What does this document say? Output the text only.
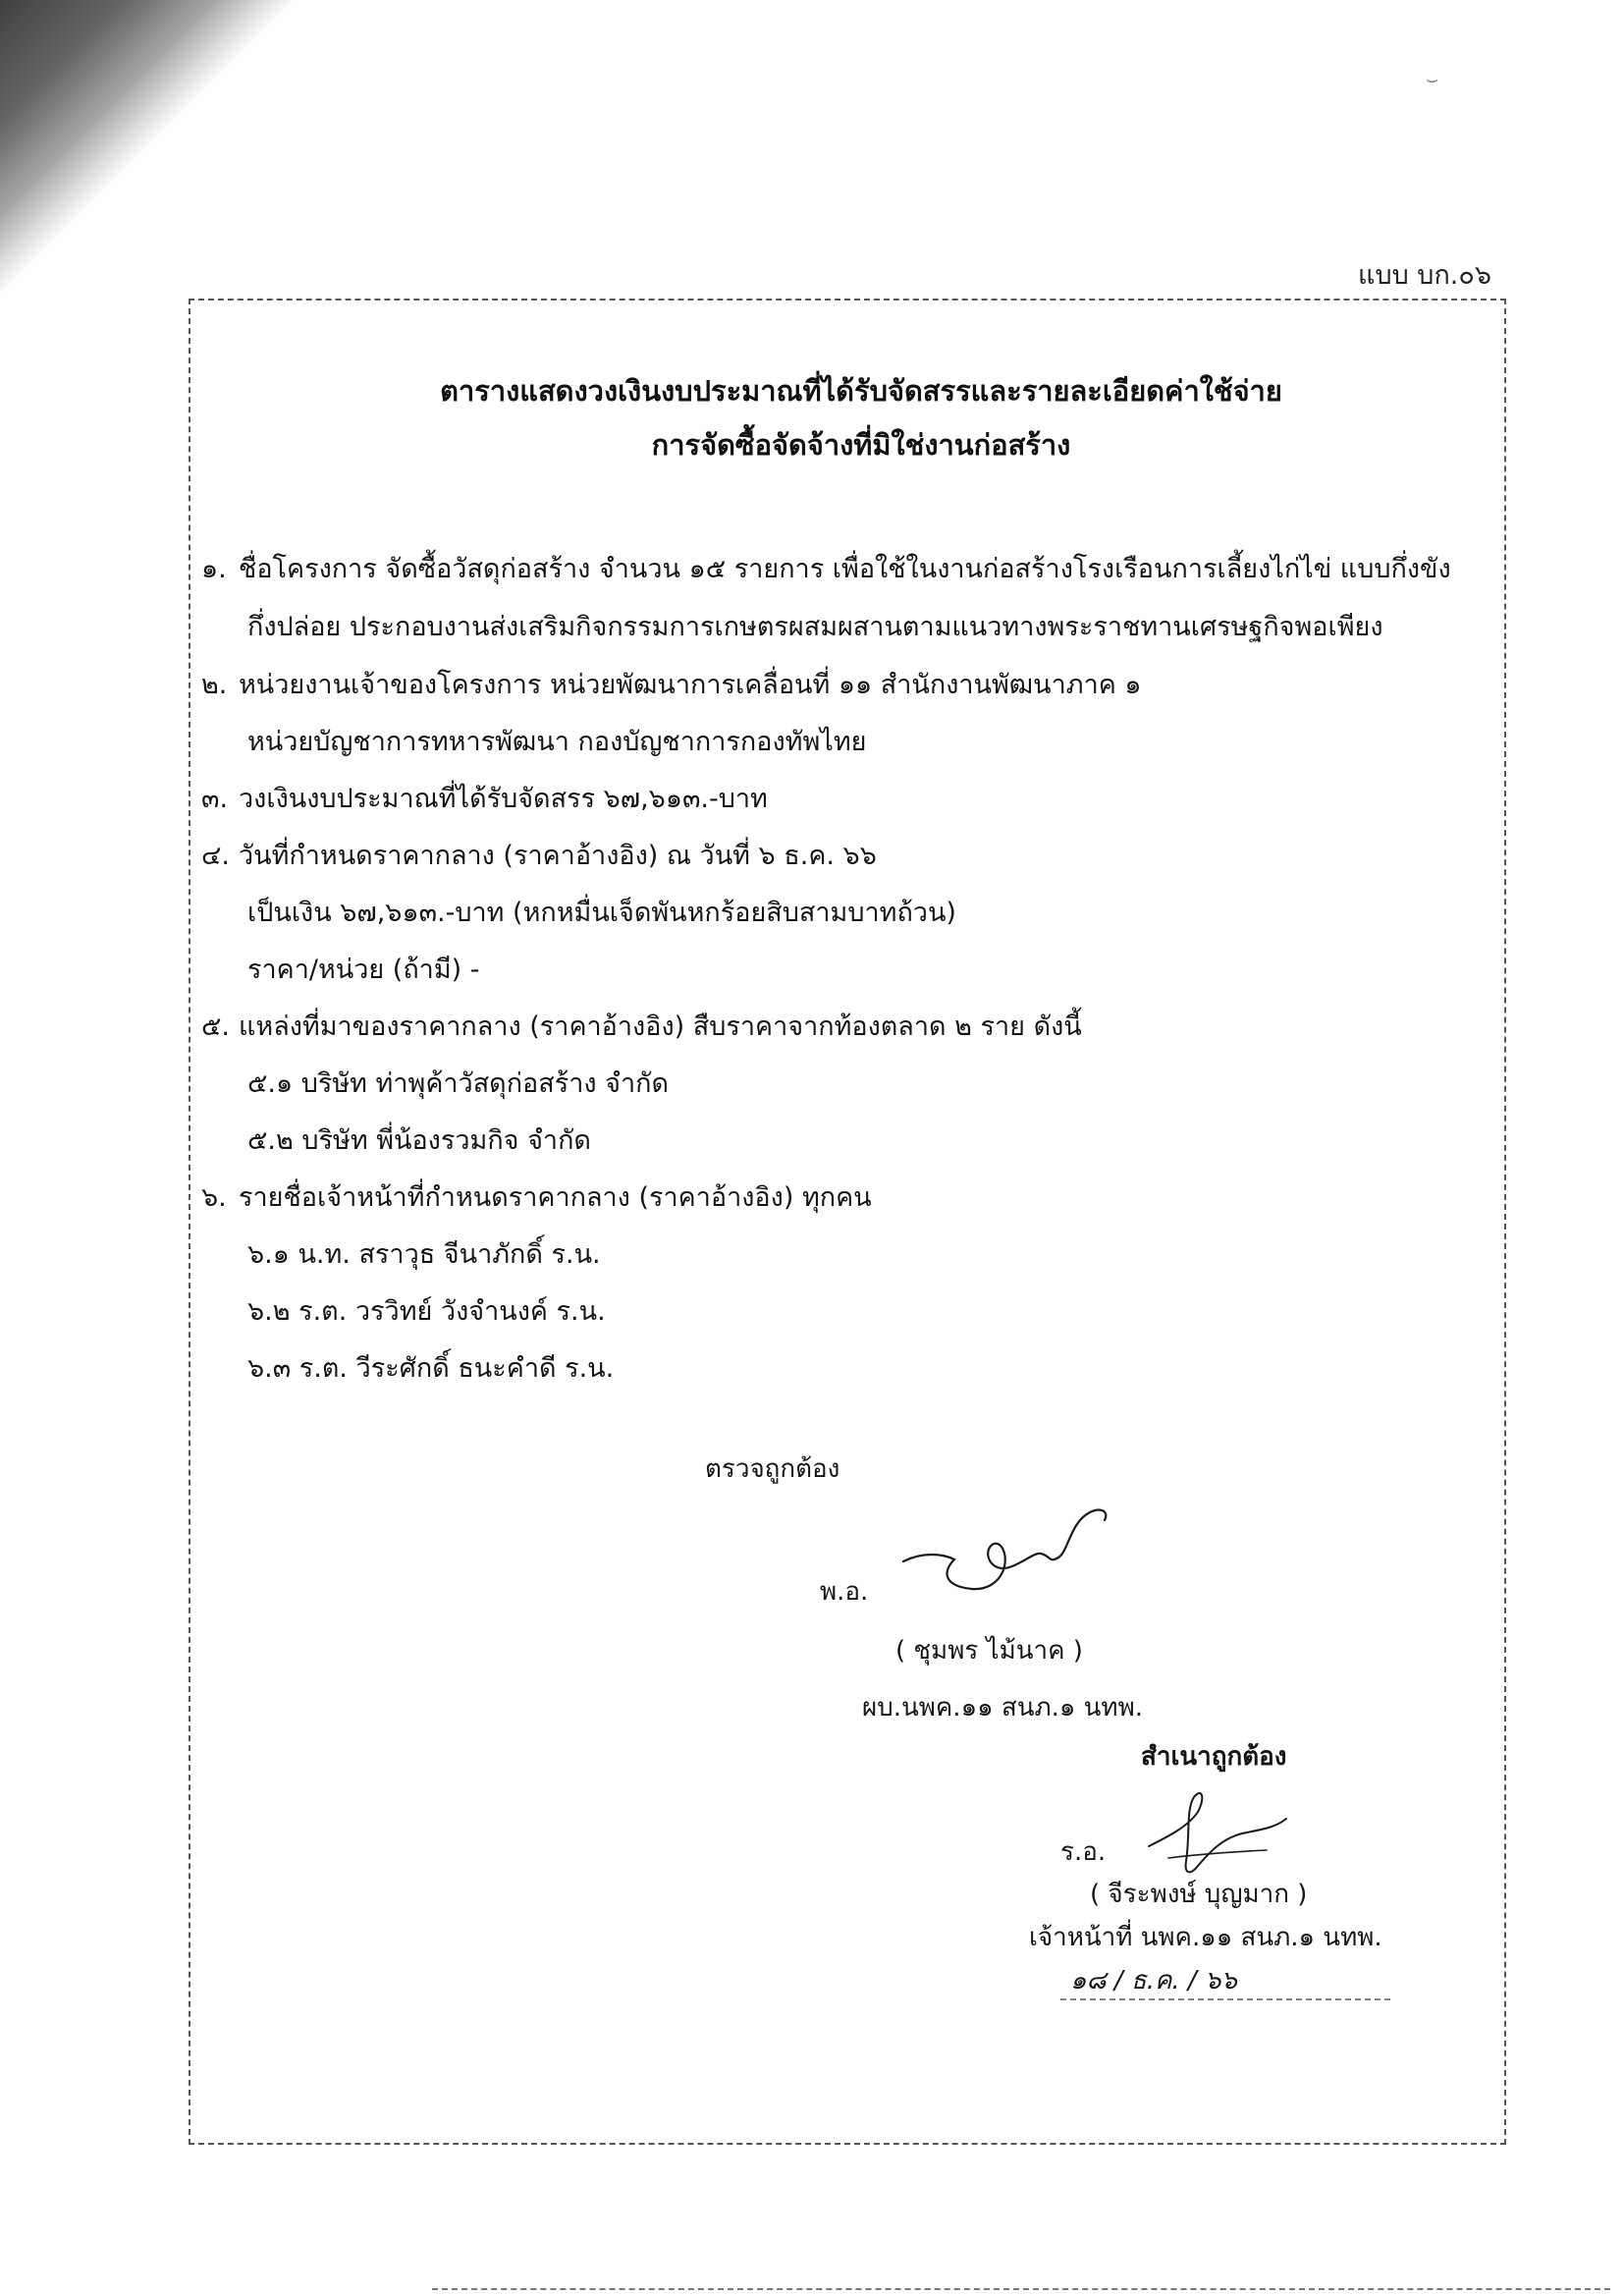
แบบ บก.๐๖
ตารางแสดงวงเงินงบประมาณที่ได้รับจัดสรรและรายละเอียดค่าใช้จ่าย
การจัดซื้อจัดจ้างที่มิใช่งานก่อสร้าง
๑. ชื่อโครงการ จัดซื้อวัสดุก่อสร้าง จำนวน ๑๕ รายการ เพื่อใช้ในงานก่อสร้างโรงเรือนการเลี้ยงไก่ไข่ แบบกึ่งขัง
กึ่งปล่อย ประกอบงานส่งเสริมกิจกรรมการเกษตรผสมผสานตามแนวทางพระราชทานเศรษฐกิจพอเพียง
๒. หน่วยงานเจ้าของโครงการ หน่วยพัฒนาการเคลื่อนที่ ๑๑ สำนักงานพัฒนาภาค ๑
หน่วยบัญชาการทหารพัฒนา กองบัญชาการกองทัพไทย
๓. วงเงินงบประมาณที่ได้รับจัดสรร ๖๗,๖๑๓.-บาท
๔. วันที่กำหนดราคากลาง (ราคาอ้างอิง) ณ วันที่ ๖ ธ.ค. ๖๖
เป็นเงิน ๖๗,๖๑๓.-บาท (หกหมื่นเจ็ดพันหกร้อยสิบสามบาทถ้วน)
ราคา/หน่วย (ถ้ามี) -
๕. แหล่งที่มาของราคากลาง (ราคาอ้างอิง) สืบราคาจากท้องตลาด ๒ ราย ดังนี้
๕.๑ บริษัท ท่าพุค้าวัสดุก่อสร้าง จำกัด
๕.๒ บริษัท พี่น้องรวมกิจ จำกัด
๖. รายชื่อเจ้าหน้าที่กำหนดราคากลาง (ราคาอ้างอิง) ทุกคน
๖.๑ น.ท. สราวุธ จีนาภักดิ์ ร.น.
๖.๒ ร.ต. วรวิทย์ วังจำนงค์ ร.น.
๖.๓ ร.ต. วีระศักดิ์ ธนะคำดี ร.น.
ตรวจถูกต้อง
พ.อ.
( ชุมพร ไม้นาค )
ผบ.นพค.๑๑ สนภ.๑ นทพ.
สำเนาถูกต้อง
ร.อ.
( จีระพงษ์ บุญมาก )
เจ้าหน้าที่ นพค.๑๑ สนภ.๑ นทพ.
๑๘ / ธ.ค. / ๖๖
⌣
